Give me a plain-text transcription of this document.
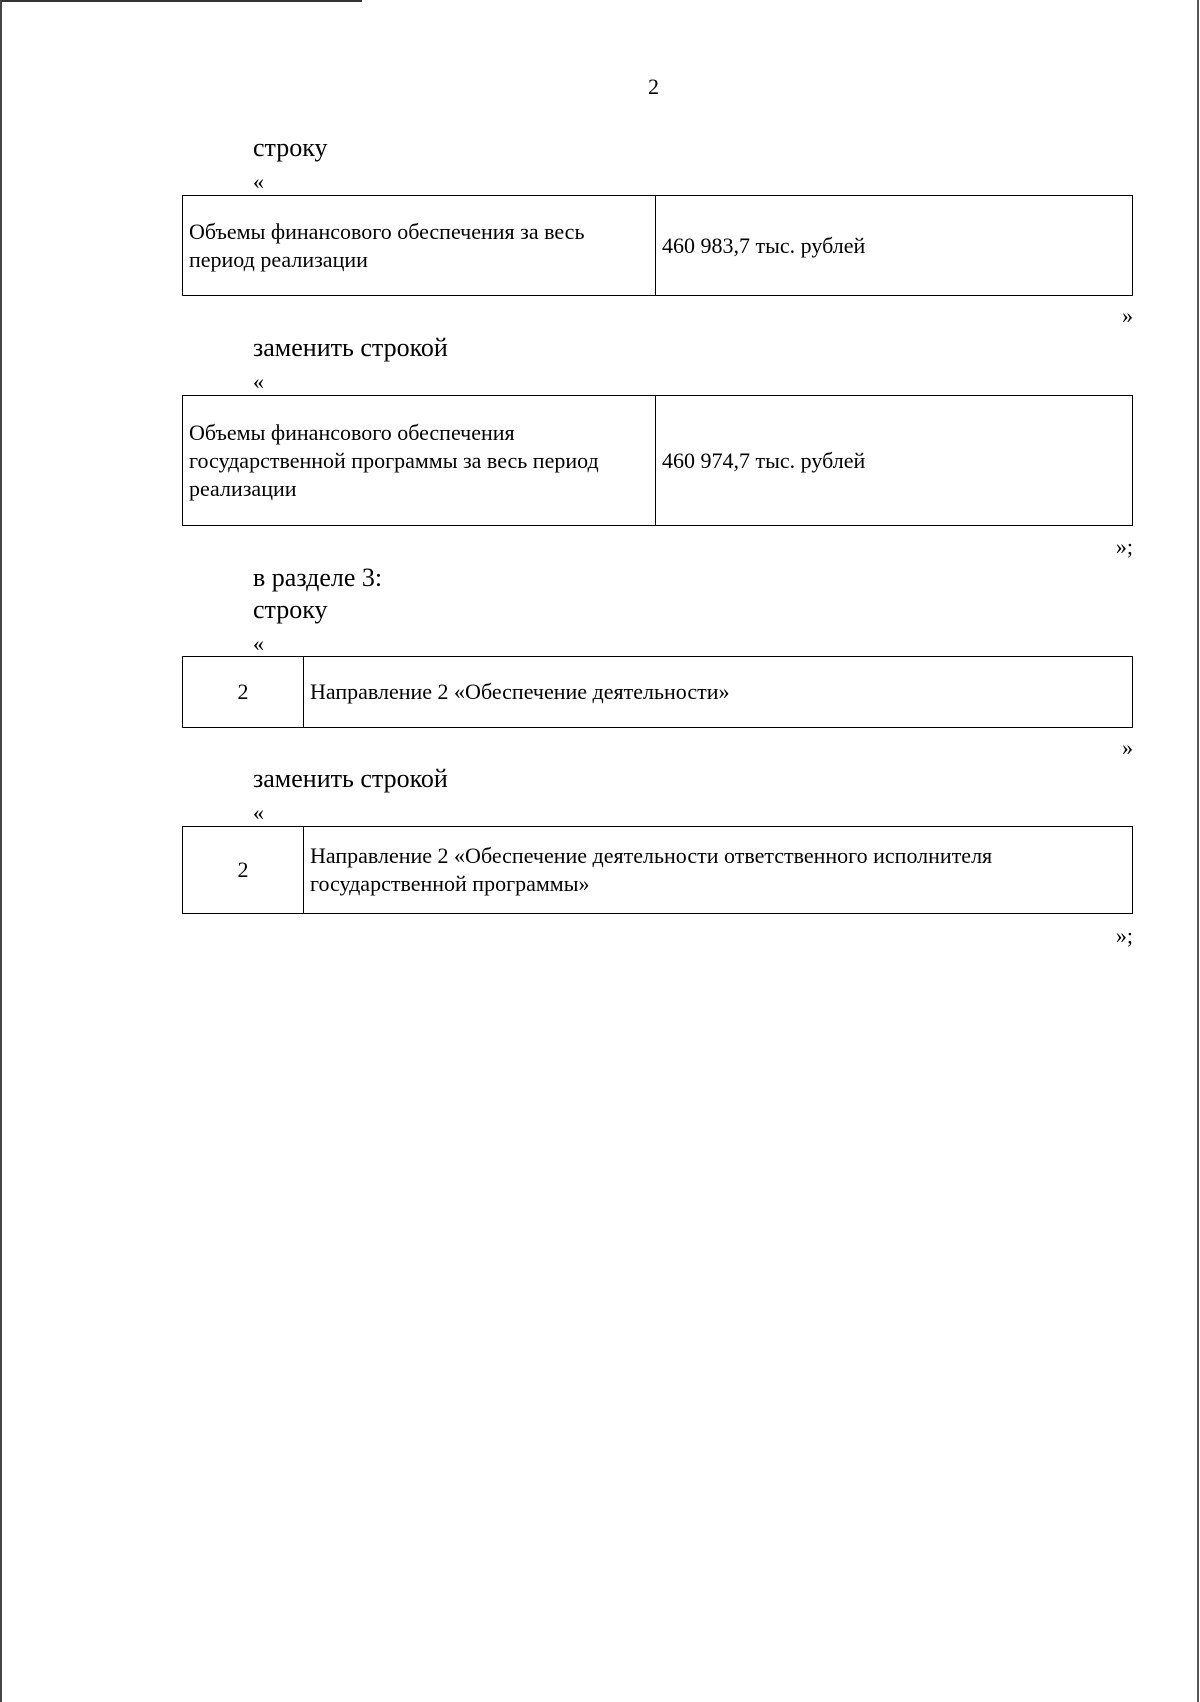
2
строку
«
Объемы финансового обеспечения за весь период реализации	460 983,7 тыс. рублей
»
заменить строкой
«
Объемы финансового обеспечения государственной программы за весь период реализации	460 974,7 тыс. рублей
»;
в разделе 3:
строку
«
2	Направление 2 «Обеспечение деятельности»
»
заменить строкой
«
2	Направление 2 «Обеспечение деятельности ответственного исполнителя государственной программы»
»;
